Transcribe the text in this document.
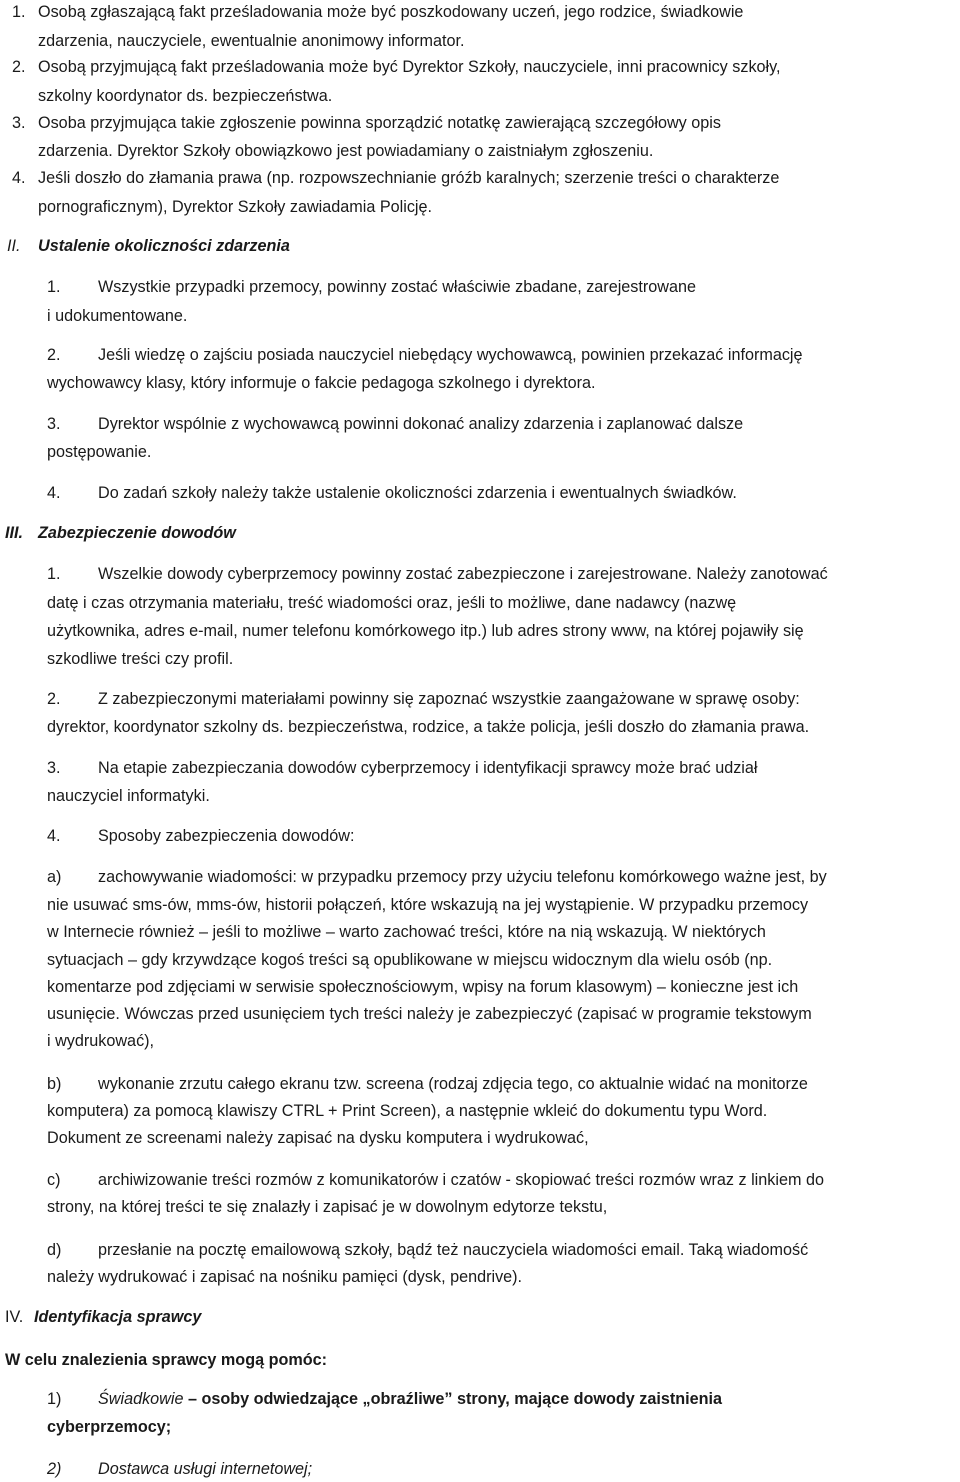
1. Osobą zgłaszającą fakt prześladowania może być poszkodowany uczeń, jego rodzice, świadkowie
zdarzenia, nauczyciele, ewentualnie anonimowy informator.
2. Osobą przyjmującą fakt prześladowania może być Dyrektor Szkoły, nauczyciele, inni pracownicy szkoły,
szkolny koordynator ds. bezpieczeństwa.
3. Osoba przyjmująca takie zgłoszenie powinna sporządzić notatkę zawierającą szczegółowy opis
zdarzenia. Dyrektor Szkoły obowiązkowo jest powiadamiany o zaistniałym zgłoszeniu.
4. Jeśli doszło do złamania prawa (np. rozpowszechnianie gróźb karalnych; szerzenie treści o charakterze
pornograficznym), Dyrektor Szkoły zawiadamia Policję.
II. Ustalenie okoliczności zdarzenia
1. Wszystkie przypadki przemocy, powinny zostać właściwie zbadane, zarejestrowane
i udokumentowane.
2. Jeśli wiedzę o zajściu posiada nauczyciel niebędący wychowawcą, powinien przekazać informację
wychowawcy klasy, który informuje o fakcie pedagoga szkolnego i dyrektora.
3. Dyrektor wspólnie z wychowawcą powinni dokonać analizy zdarzenia i zaplanować dalsze
postępowanie.
4. Do zadań szkoły należy także ustalenie okoliczności zdarzenia i ewentualnych świadków.
III. Zabezpieczenie dowodów
1. Wszelkie dowody cyberprzemocy powinny zostać zabezpieczone i zarejestrowane. Należy zanotować
datę i czas otrzymania materiału, treść wiadomości oraz, jeśli to możliwe, dane nadawcy (nazwę
użytkownika, adres e-mail, numer telefonu komórkowego itp.) lub adres strony www, na której pojawiły się
szkodliwe treści czy profil.
2. Z zabezpieczonymi materiałami powinny się zapoznać wszystkie zaangażowane w sprawę osoby:
dyrektor, koordynator szkolny ds. bezpieczeństwa, rodzice, a także policja, jeśli doszło do złamania prawa.
3. Na etapie zabezpieczania dowodów cyberprzemocy i identyfikacji sprawcy może brać udział
nauczyciel informatyki.
4. Sposoby zabezpieczenia dowodów:
a) zachowywanie wiadomości: w przypadku przemocy przy użyciu telefonu komórkowego ważne jest, by
nie usuwać sms-ów, mms-ów, historii połączeń, które wskazują na jej wystąpienie. W przypadku przemocy
w Internecie również – jeśli to możliwe – warto zachować treści, które na nią wskazują. W niektórych
sytuacjach – gdy krzywdzące kogoś treści są opublikowane w miejscu widocznym dla wielu osób (np.
komentarze pod zdjęciami w serwisie społecznościowym, wpisy na forum klasowym) – konieczne jest ich
usunięcie. Wówczas przed usunięciem tych treści należy je zabezpieczyć (zapisać w programie tekstowym
i wydrukować),
b) wykonanie zrzutu całego ekranu tzw. screena (rodzaj zdjęcia tego, co aktualnie widać na monitorze
komputera) za pomocą klawiszy CTRL + Print Screen), a następnie wkleić do dokumentu typu Word.
Dokument ze screenami należy zapisać na dysku komputera i wydrukować,
c) archiwizowanie treści rozmów z komunikatorów i czatów - skopiować treści rozmów wraz z linkiem do
strony, na której treści te się znalazły i zapisać je w dowolnym edytorze tekstu,
d) przesłanie na pocztę emailowową szkoły, bądź też nauczyciela wiadomości email. Taką wiadomość
należy wydrukować i zapisać na nośniku pamięci (dysk, pendrive).
IV. Identyfikacja sprawcy
W celu znalezienia sprawcy mogą pomóc:
1) Świadkowie – osoby odwiedzające „obraźliwe” strony, mające dowody zaistnienia
cyberprzemocy;
2) Dostawca usługi internetowej;
